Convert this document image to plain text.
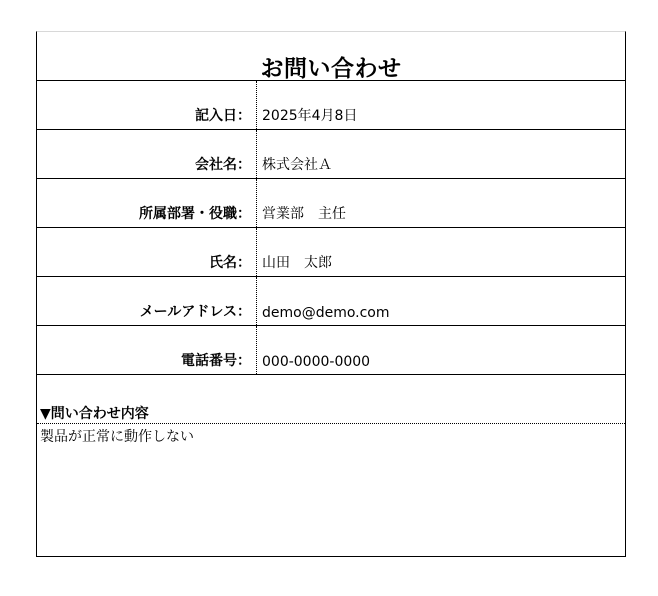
お問い合わせ
記入日： 2025年4月8日
会社名： 株式会社Ａ
所属部署・役職： 営業部　主任
氏名： 山田　太郎
メールアドレス： demo@demo.com
電話番号： 000-0000-0000
▼問い合わせ内容
製品が正常に動作しない
